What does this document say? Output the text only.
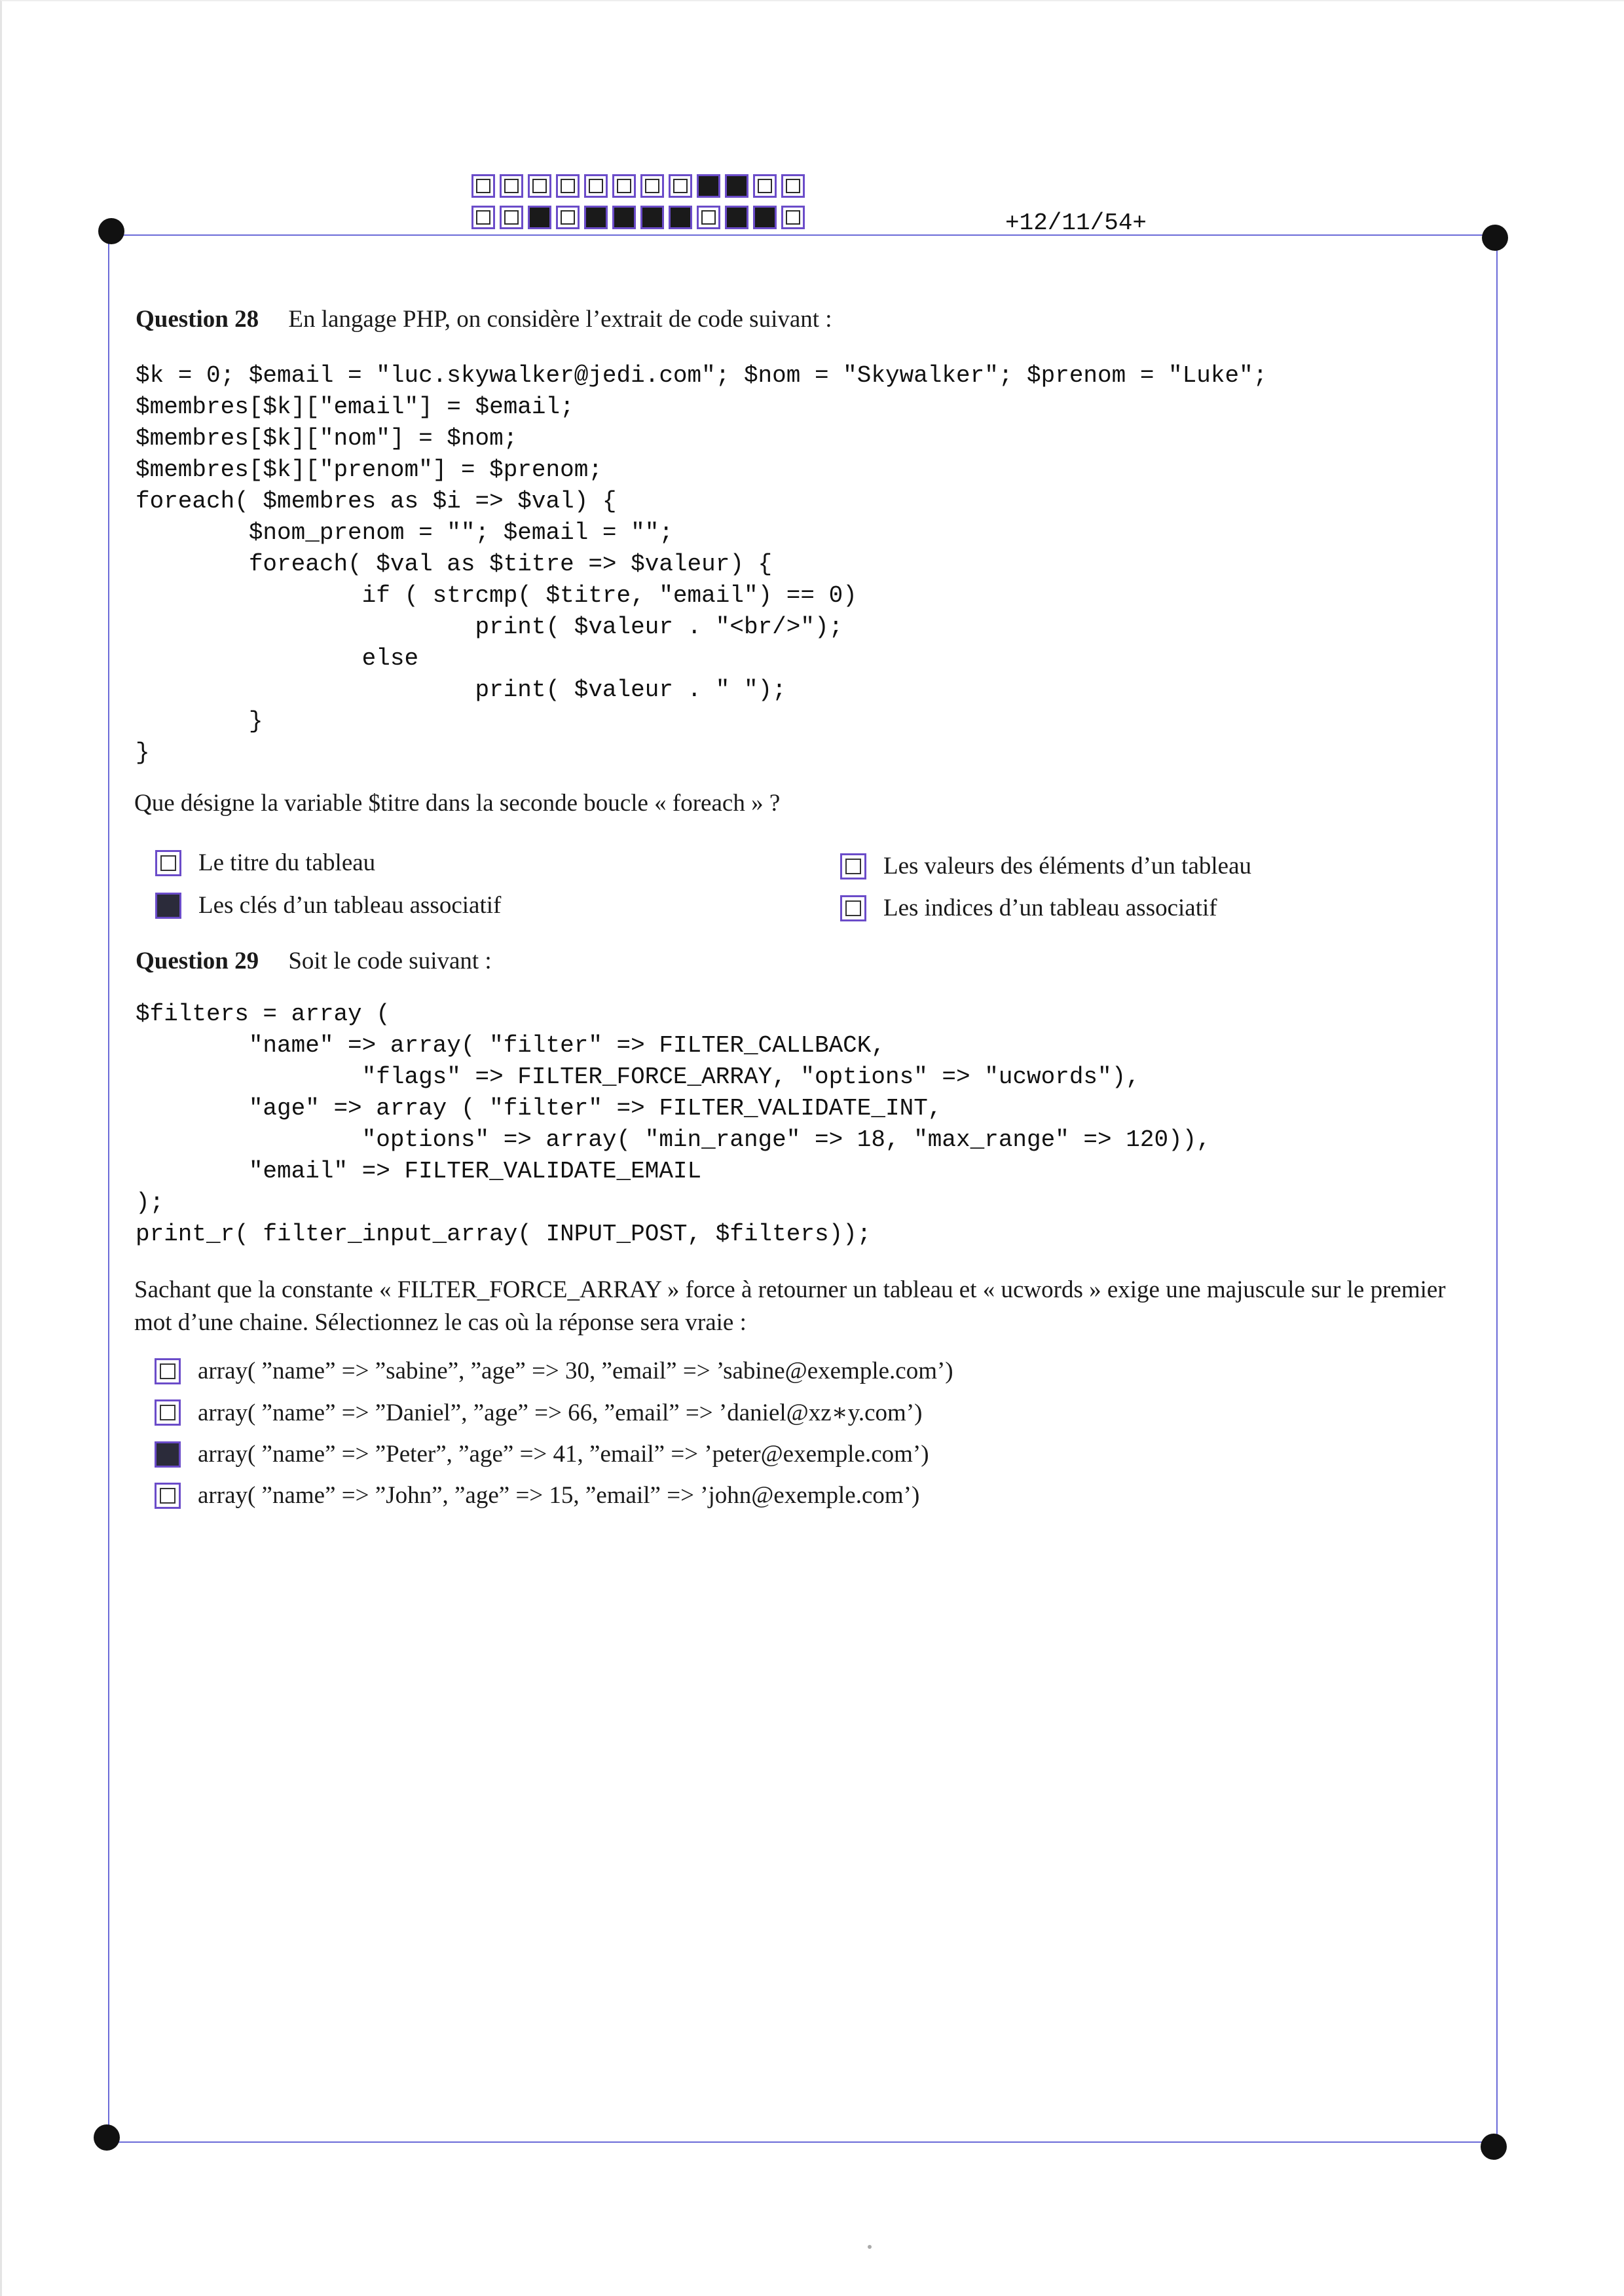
+12/11/54+
Question 28 En langage PHP, on considère l’extrait de code suivant :
$k = 0; $email = "luc.skywalker@jedi.com"; $nom = "Skywalker"; $prenom = "Luke";
$membres[$k]["email"] = $email;
$membres[$k]["nom"] = $nom;
$membres[$k]["prenom"] = $prenom;
foreach( $membres as $i => $val) {
$nom_prenom = ""; $email = "";
foreach( $val as $titre => $valeur) {
if ( strcmp( $titre, "email") == 0)
print( $valeur . "<br/>");
else
print( $valeur . " ");
}
}
Que désigne la variable $titre dans la seconde boucle « foreach » ?
Le titre du tableau
Les clés d’un tableau associatif
Les valeurs des éléments d’un tableau
Les indices d’un tableau associatif
Question 29 Soit le code suivant :
$filters = array (
"name" => array( "filter" => FILTER_CALLBACK,
"flags" => FILTER_FORCE_ARRAY, "options" => "ucwords"),
"age" => array ( "filter" => FILTER_VALIDATE_INT,
"options" => array( "min_range" => 18, "max_range" => 120)),
"email" => FILTER_VALIDATE_EMAIL
);
print_r( filter_input_array( INPUT_POST, $filters));
Sachant que la constante « FILTER_FORCE_ARRAY » force à retourner un tableau et « ucwords » exige une majuscule sur le premier mot d’une chaine. Sélectionnez le cas où la réponse sera vraie :
array( ”name” => ”sabine”, ”age” => 30, ”email” => ’sabine@exemple.com’)
array( ”name” => ”Daniel”, ”age” => 66, ”email” => ’daniel@xz∗y.com’)
array( ”name” => ”Peter”, ”age” => 41, ”email” => ’peter@exemple.com’)
array( ”name” => ”John”, ”age” => 15, ”email” => ’john@exemple.com’)
